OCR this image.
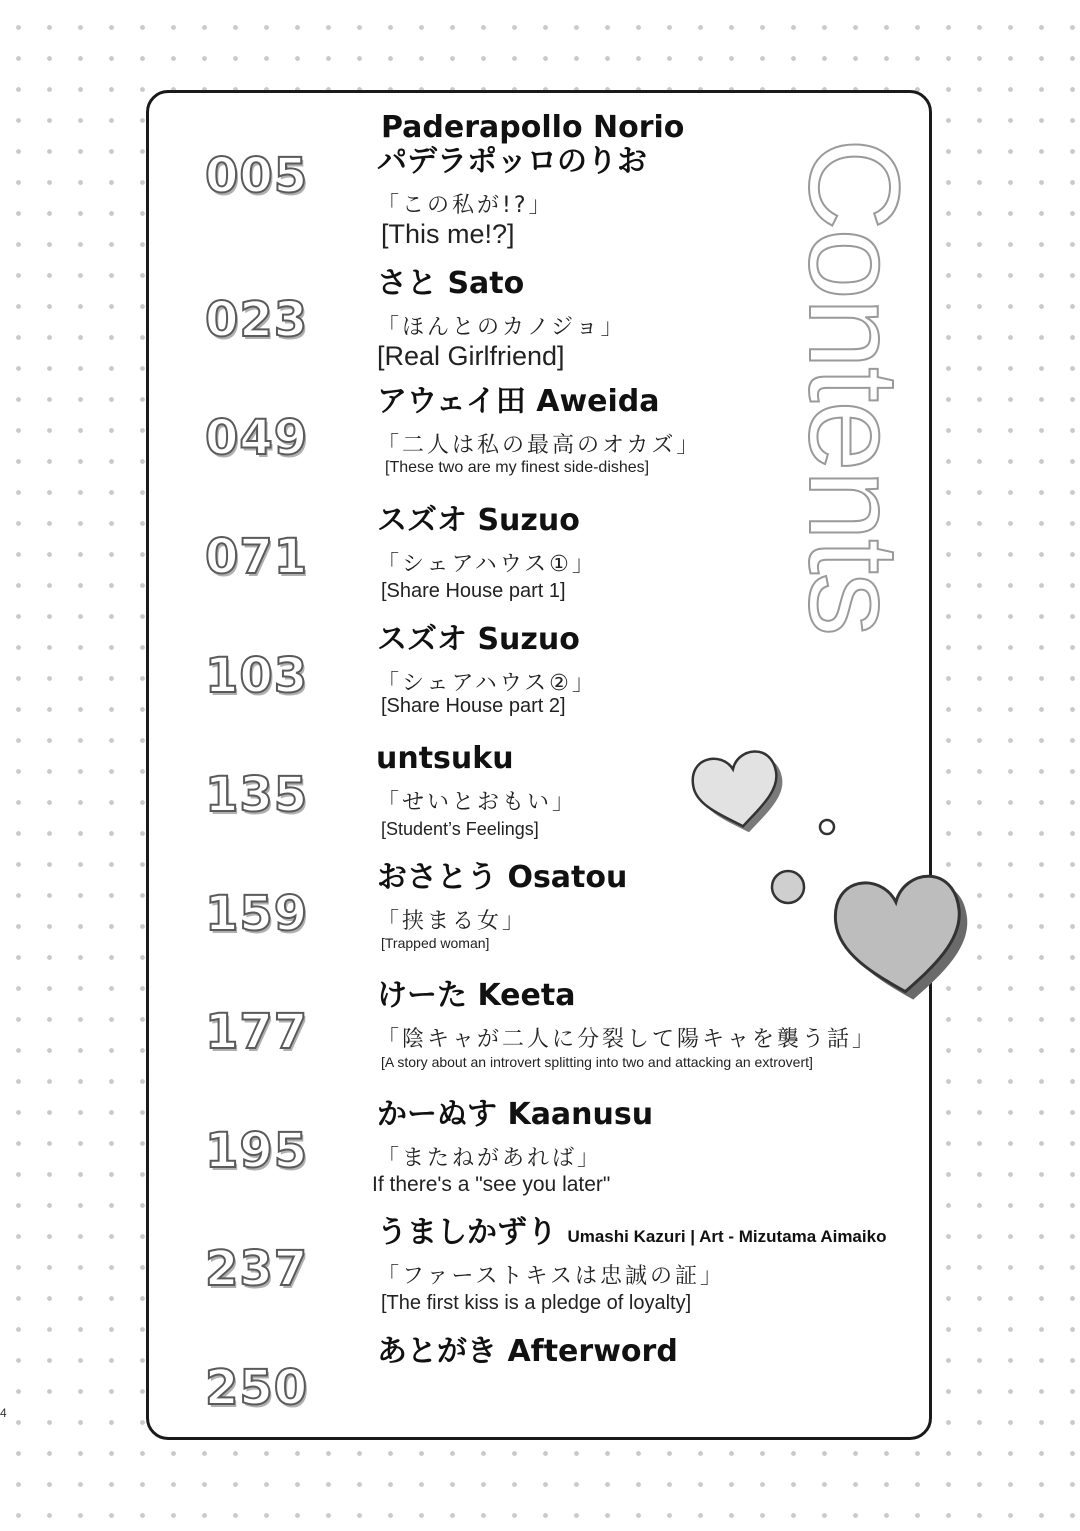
Contents
Paderapollo Norio
パデラポッロのりお
005
「この私が!?」
[This me!?]
023
さと Sato
「ほんとのカノジョ」
[Real Girlfriend]
049
アウェイ田 Aweida
「二人は私の最高のオカズ」
[These two are my finest side-dishes]
071
スズオ Suzuo
「シェアハウス①」
[Share House part 1]
103
スズオ Suzuo
「シェアハウス②」
[Share House part 2]
135
untsuku
「せいとおもい」
[Student’s Feelings]
159
おさとう Osatou
「挟まる女」
[Trapped woman]
177
けーた Keeta
「陰キャが二人に分裂して陽キャを襲う話」
[A story about an introvert splitting into two and attacking an extrovert]
195
かーぬす Kaanusu
「またねがあれば」
If there's a "see you later"
237
うましかずり Umashi Kazuri | Art - Mizutama Aimaiko
「ファーストキスは忠誠の証」
[The first kiss is a pledge of loyalty]
250
あとがき Afterword
4
